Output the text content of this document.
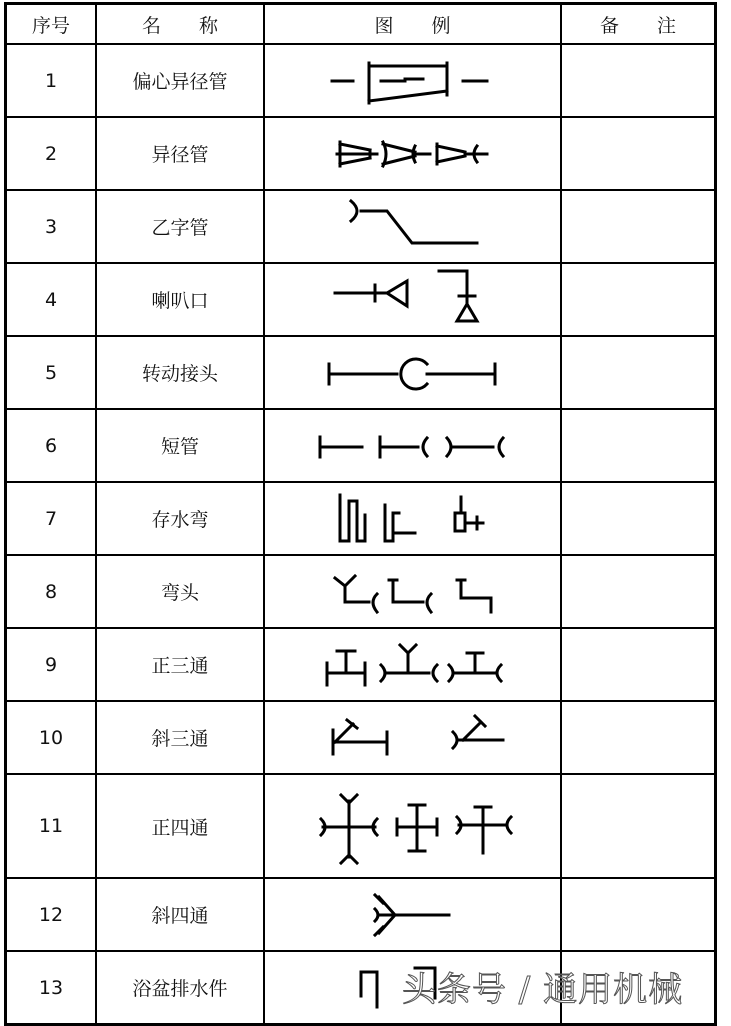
序号	名　　称	图　　例	备　　注
1	偏心异径管	

2	异径管	

3	乙字管	

4	喇叭口	

5	转动接头	

6	短管	

7	存水弯	

8	弯头	

9	正三通	

10	斜三通	

11	正四通	

12	斜四通	

13	浴盆排水件	
		头条号 / 通用机械
